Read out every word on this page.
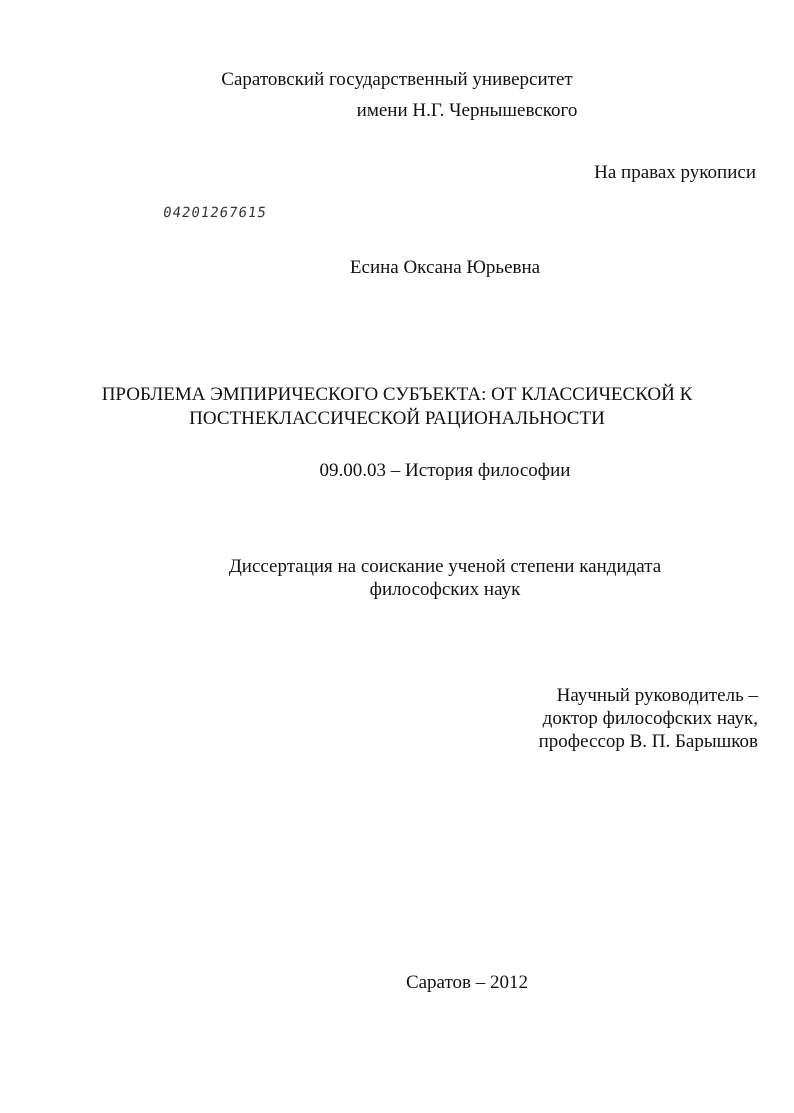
Саратовский государственный университет
имени Н.Г. Чернышевского
На правах рукописи
04201267615
Есина Оксана Юрьевна
ПРОБЛЕМА ЭМПИРИЧЕСКОГО СУБЪЕКТА: ОТ КЛАССИЧЕСКОЙ К
ПОСТНЕКЛАССИЧЕСКОЙ РАЦИОНАЛЬНОСТИ
09.00.03 – История философии
Диссертация на соискание ученой степени кандидата
философских наук
Научный руководитель –
доктор философских наук,
профессор В. П. Барышков
Саратов – 2012
